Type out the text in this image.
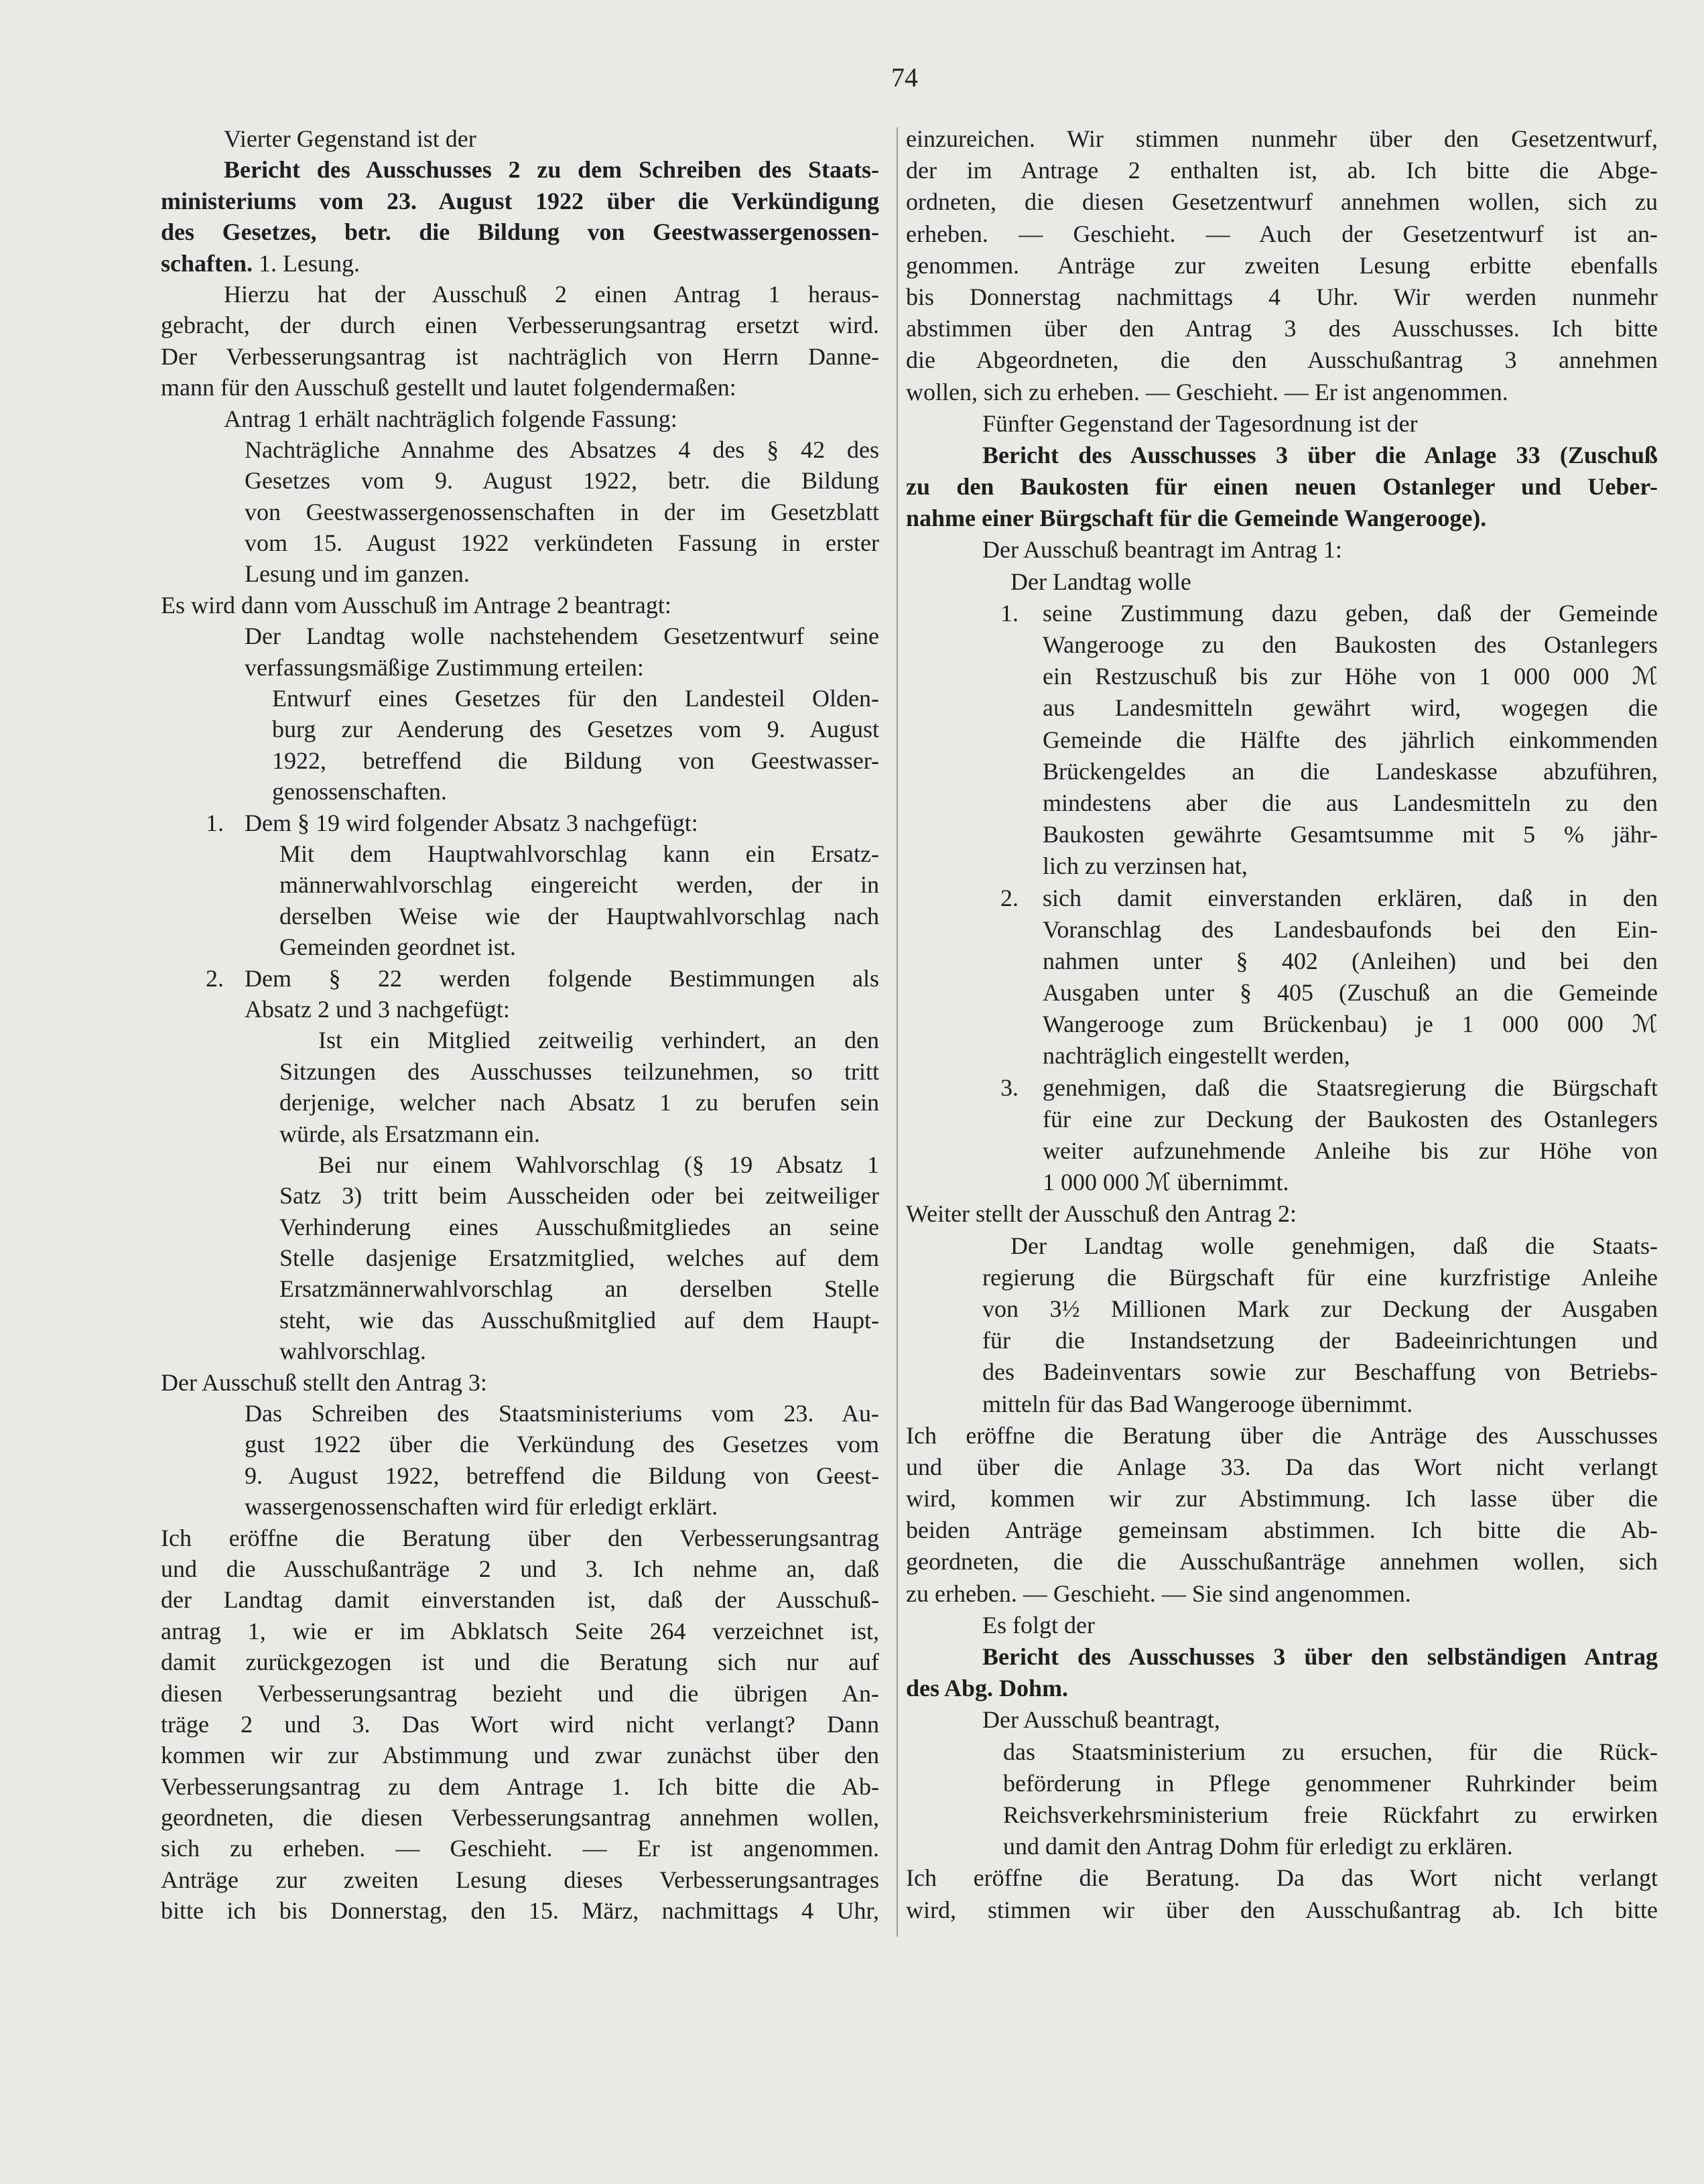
74
Vierter Gegenstand ist der
Bericht des Ausschusses 2 zu dem Schreiben des Staats-
ministeriums vom 23. August 1922 über die Verkündigung
des Gesetzes, betr. die Bildung von Geestwassergenossen-
schaften. 1. Lesung.
Hierzu hat der Ausschuß 2 einen Antrag 1 heraus-
gebracht, der durch einen Verbesserungsantrag ersetzt wird.
Der Verbesserungsantrag ist nachträglich von Herrn Danne-
mann für den Ausschuß gestellt und lautet folgendermaßen:
Antrag 1 erhält nachträglich folgende Fassung:
Nachträgliche Annahme des Absatzes 4 des § 42 des
Gesetzes vom 9. August 1922, betr. die Bildung
von Geestwassergenossenschaften in der im Gesetzblatt
vom 15. August 1922 verkündeten Fassung in erster
Lesung und im ganzen.
Es wird dann vom Ausschuß im Antrage 2 beantragt:
Der Landtag wolle nachstehendem Gesetzentwurf seine
verfassungsmäßige Zustimmung erteilen:
Entwurf eines Gesetzes für den Landesteil Olden-
burg zur Aenderung des Gesetzes vom 9. August
1922, betreffend die Bildung von Geestwasser-
genossenschaften.
Dem § 19 wird folgender Absatz 3 nachgefügt:
1.
Mit dem Hauptwahlvorschlag kann ein Ersatz-
männerwahlvorschlag eingereicht werden, der in
derselben Weise wie der Hauptwahlvorschlag nach
Gemeinden geordnet ist.
Dem § 22 werden folgende Bestimmungen als
2.
Absatz 2 und 3 nachgefügt:
Ist ein Mitglied zeitweilig verhindert, an den
Sitzungen des Ausschusses teilzunehmen, so tritt
derjenige, welcher nach Absatz 1 zu berufen sein
würde, als Ersatzmann ein.
Bei nur einem Wahlvorschlag (§ 19 Absatz 1
Satz 3) tritt beim Ausscheiden oder bei zeitweiliger
Verhinderung eines Ausschußmitgliedes an seine
Stelle dasjenige Ersatzmitglied, welches auf dem
Ersatzmännerwahlvorschlag an derselben Stelle
steht, wie das Ausschußmitglied auf dem Haupt-
wahlvorschlag.
Der Ausschuß stellt den Antrag 3:
Das Schreiben des Staatsministeriums vom 23. Au-
gust 1922 über die Verkündung des Gesetzes vom
9. August 1922, betreffend die Bildung von Geest-
wassergenossenschaften wird für erledigt erklärt.
Ich eröffne die Beratung über den Verbesserungsantrag
und die Ausschußanträge 2 und 3. Ich nehme an, daß
der Landtag damit einverstanden ist, daß der Ausschuß-
antrag 1, wie er im Abklatsch Seite 264 verzeichnet ist,
damit zurückgezogen ist und die Beratung sich nur auf
diesen Verbesserungsantrag bezieht und die übrigen An-
träge 2 und 3. Das Wort wird nicht verlangt? Dann
kommen wir zur Abstimmung und zwar zunächst über den
Verbesserungsantrag zu dem Antrage 1. Ich bitte die Ab-
geordneten, die diesen Verbesserungsantrag annehmen wollen,
sich zu erheben. — Geschieht. — Er ist angenommen.
Anträge zur zweiten Lesung dieses Verbesserungsantrages
bitte ich bis Donnerstag, den 15. März, nachmittags 4 Uhr,
einzureichen. Wir stimmen nunmehr über den Gesetzentwurf,
der im Antrage 2 enthalten ist, ab. Ich bitte die Abge-
ordneten, die diesen Gesetzentwurf annehmen wollen, sich zu
erheben. — Geschieht. — Auch der Gesetzentwurf ist an-
genommen. Anträge zur zweiten Lesung erbitte ebenfalls
bis Donnerstag nachmittags 4 Uhr. Wir werden nunmehr
abstimmen über den Antrag 3 des Ausschusses. Ich bitte
die Abgeordneten, die den Ausschußantrag 3 annehmen
wollen, sich zu erheben. — Geschieht. — Er ist angenommen.
Fünfter Gegenstand der Tagesordnung ist der
Bericht des Ausschusses 3 über die Anlage 33 (Zuschuß
zu den Baukosten für einen neuen Ostanleger und Ueber-
nahme einer Bürgschaft für die Gemeinde Wangerooge).
Der Ausschuß beantragt im Antrag 1:
Der Landtag wolle
seine Zustimmung dazu geben, daß der Gemeinde
1.
Wangerooge zu den Baukosten des Ostanlegers
ein Restzuschuß bis zur Höhe von 1 000 000 ℳ
aus Landesmitteln gewährt wird, wogegen die
Gemeinde die Hälfte des jährlich einkommenden
Brückengeldes an die Landeskasse abzuführen,
mindestens aber die aus Landesmitteln zu den
Baukosten gewährte Gesamtsumme mit 5 % jähr-
lich zu verzinsen hat,
sich damit einverstanden erklären, daß in den
2.
Voranschlag des Landesbaufonds bei den Ein-
nahmen unter § 402 (Anleihen) und bei den
Ausgaben unter § 405 (Zuschuß an die Gemeinde
Wangerooge zum Brückenbau) je 1 000 000 ℳ
nachträglich eingestellt werden,
genehmigen, daß die Staatsregierung die Bürgschaft
3.
für eine zur Deckung der Baukosten des Ostanlegers
weiter aufzunehmende Anleihe bis zur Höhe von
1 000 000 ℳ übernimmt.
Weiter stellt der Ausschuß den Antrag 2:
Der Landtag wolle genehmigen, daß die Staats-
regierung die Bürgschaft für eine kurzfristige Anleihe
von 3½ Millionen Mark zur Deckung der Ausgaben
für die Instandsetzung der Badeeinrichtungen und
des Badeinventars sowie zur Beschaffung von Betriebs-
mitteln für das Bad Wangerooge übernimmt.
Ich eröffne die Beratung über die Anträge des Ausschusses
und über die Anlage 33. Da das Wort nicht verlangt
wird, kommen wir zur Abstimmung. Ich lasse über die
beiden Anträge gemeinsam abstimmen. Ich bitte die Ab-
geordneten, die die Ausschußanträge annehmen wollen, sich
zu erheben. — Geschieht. — Sie sind angenommen.
Es folgt der
Bericht des Ausschusses 3 über den selbständigen Antrag
des Abg. Dohm.
Der Ausschuß beantragt,
das Staatsministerium zu ersuchen, für die Rück-
beförderung in Pflege genommener Ruhrkinder beim
Reichsverkehrsministerium freie Rückfahrt zu erwirken
und damit den Antrag Dohm für erledigt zu erklären.
Ich eröffne die Beratung. Da das Wort nicht verlangt
wird, stimmen wir über den Ausschußantrag ab. Ich bitte
